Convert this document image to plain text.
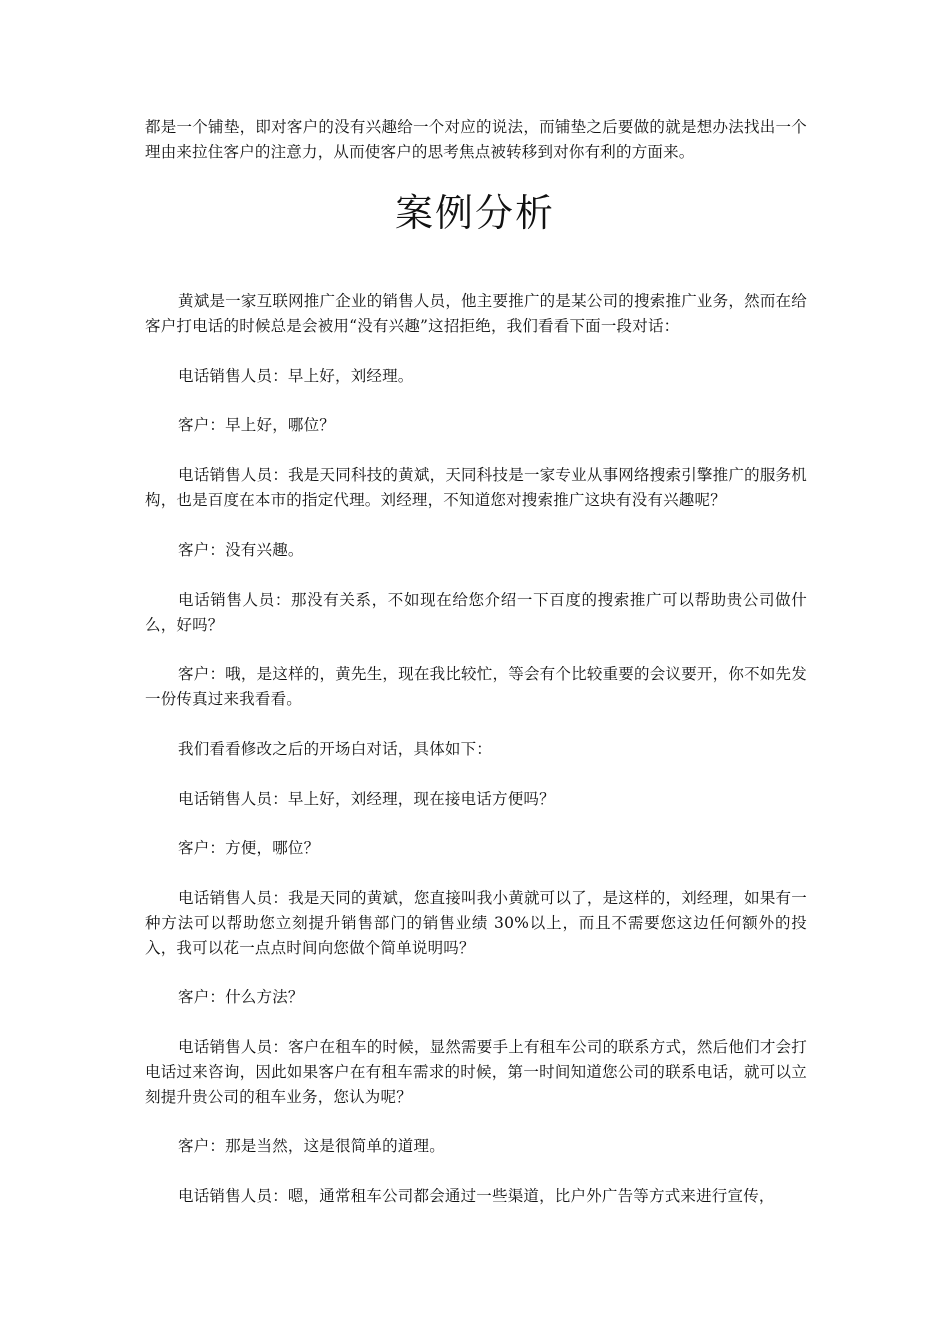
都是一个铺垫，即对客户的没有兴趣给一个对应的说法，而铺垫之后要做的就是想办法找出一个理由来拉住客户的注意力，从而使客户的思考焦点被转移到对你有利的方面来。

案例分析

黄斌是一家互联网推广企业的销售人员，他主要推广的是某公司的搜索推广业务，然而在给客户打电话的时候总是会被用“没有兴趣”这招拒绝，我们看看下面一段对话：

电话销售人员：早上好，刘经理。

客户：早上好，哪位？

电话销售人员：我是天同科技的黄斌，天同科技是一家专业从事网络搜索引擎推广的服务机构，也是百度在本市的指定代理。刘经理，不知道您对搜索推广这块有没有兴趣呢？

客户：没有兴趣。

电话销售人员：那没有关系，不如现在给您介绍一下百度的搜索推广可以帮助贵公司做什么，好吗？

客户：哦，是这样的，黄先生，现在我比较忙，等会有个比较重要的会议要开，你不如先发一份传真过来我看看。

我们看看修改之后的开场白对话，具体如下：

电话销售人员：早上好，刘经理，现在接电话方便吗？

客户：方便，哪位？

电话销售人员：我是天同的黄斌，您直接叫我小黄就可以了，是这样的，刘经理，如果有一种方法可以帮助您立刻提升销售部门的销售业绩 30%以上，而且不需要您这边任何额外的投入，我可以花一点点时间向您做个简单说明吗？

客户：什么方法？

电话销售人员：客户在租车的时候，显然需要手上有租车公司的联系方式，然后他们才会打电话过来咨询，因此如果客户在有租车需求的时候，第一时间知道您公司的联系电话，就可以立刻提升贵公司的租车业务，您认为呢？

客户：那是当然，这是很简单的道理。

电话销售人员：嗯，通常租车公司都会通过一些渠道，比户外广告等方式来进行宣传，
